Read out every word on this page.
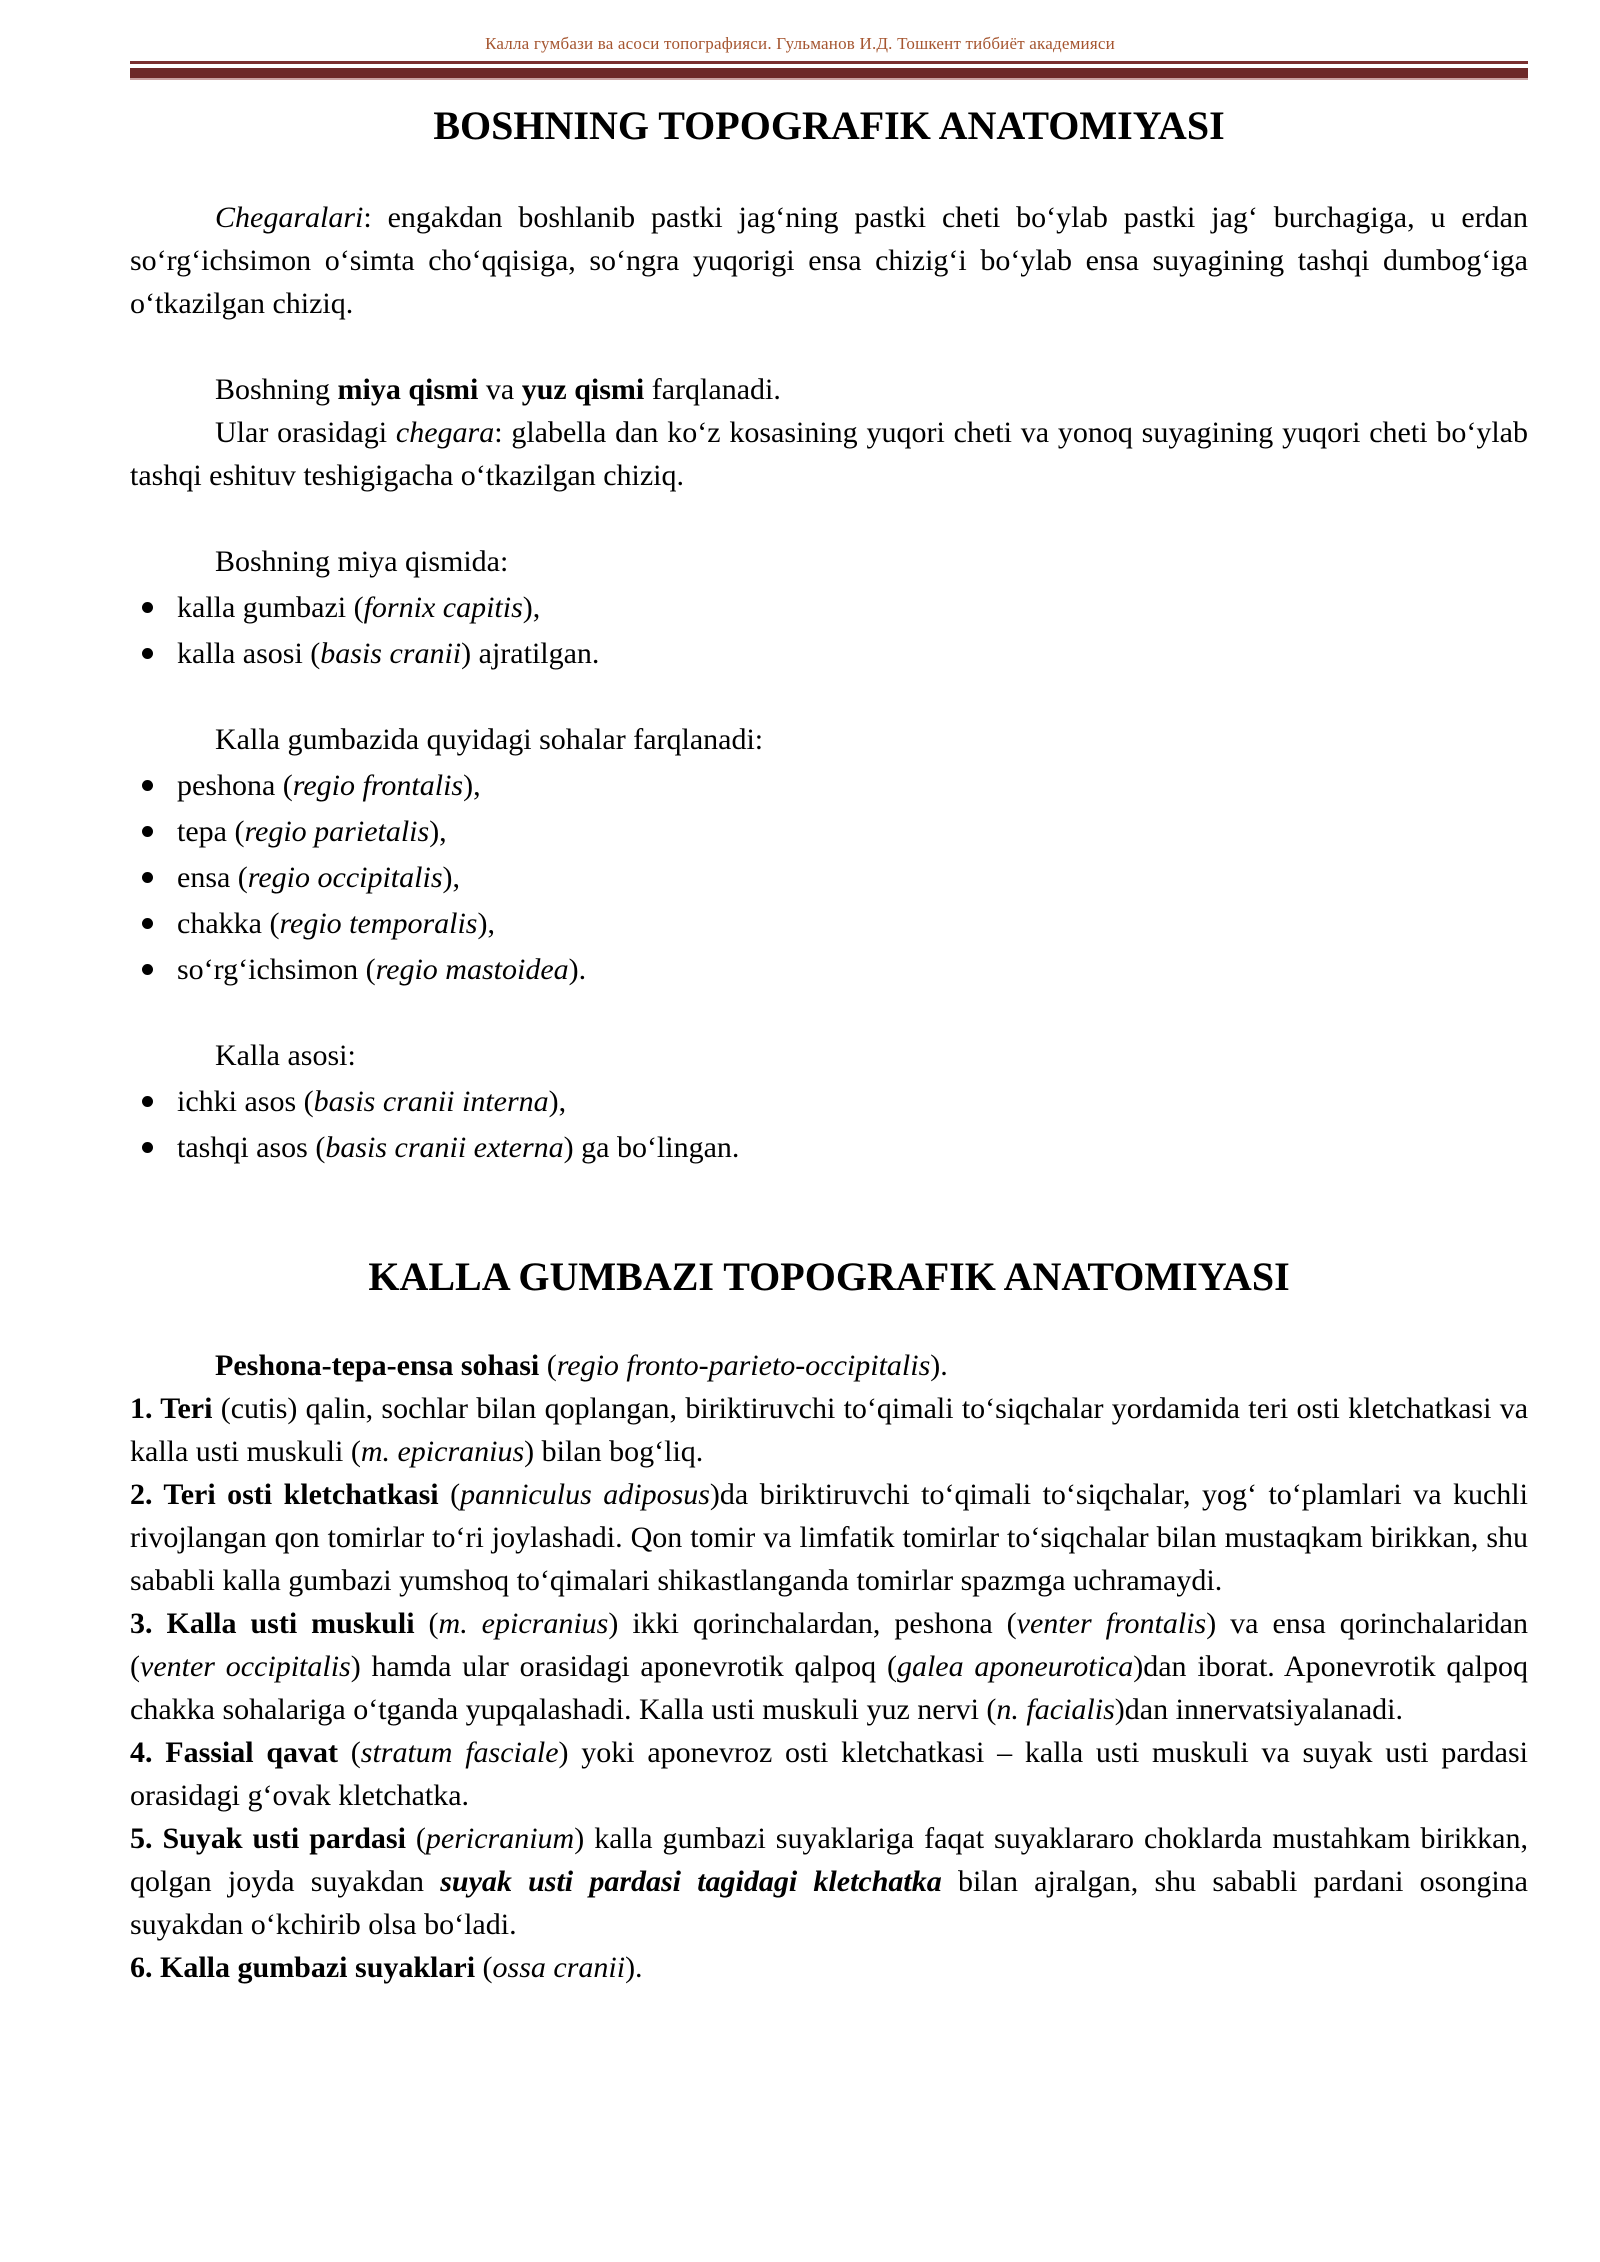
Калла гумбази ва асоси топографияси. Гульманов И.Д. Тошкент тиббиёт академияси
BOSHNING TOPOGRAFIK ANATOMIYASI
Chegaralari: engakdan boshlanib pastki jag‘ning pastki cheti bo‘ylab pastki jag‘ burchagiga, u erdan so‘rg‘ichsimon o‘simta cho‘qqisiga, so‘ngra yuqorigi ensa chizig‘i bo‘ylab ensa suyagining tashqi dumbog‘iga o‘tkazilgan chiziq.
Boshning miya qismi va yuz qismi farqlanadi.
Ular orasidagi chegara: glabella dan ko‘z kosasining yuqori cheti va yonoq suyagining yuqori cheti bo‘ylab tashqi eshituv teshigigacha o‘tkazilgan chiziq.
Boshning miya qismida:
kalla gumbazi (fornix capitis),
kalla asosi (basis cranii) ajratilgan.
Kalla gumbazida quyidagi sohalar farqlanadi:
peshona (regio frontalis),
tepa (regio parietalis),
ensa (regio occipitalis),
chakka (regio temporalis),
so‘rg‘ichsimon (regio mastoidea).
Kalla asosi:
ichki asos (basis cranii interna),
tashqi asos (basis cranii externa) ga bo‘lingan.
KALLA GUMBAZI TOPOGRAFIK ANATOMIYASI
Peshona-tepa-ensa sohasi (regio fronto-parieto-occipitalis).
1. Teri (cutis) qalin, sochlar bilan qoplangan, biriktiruvchi to‘qimali to‘siqchalar yordamida teri osti kletchatkasi va kalla usti muskuli (m. epicranius) bilan bog‘liq.
2. Teri osti kletchatkasi (panniculus adiposus)da biriktiruvchi to‘qimali to‘siqchalar, yog‘ to‘plamlari va kuchli rivojlangan qon tomirlar to‘ri joylashadi. Qon tomir va limfatik tomirlar to‘siqchalar bilan mustaqkam birikkan, shu sababli kalla gumbazi yumshoq to‘qimalari shikastlanganda tomirlar spazmga uchramaydi.
3. Kalla usti muskuli (m. epicranius) ikki qorinchalardan, peshona (venter frontalis) va ensa qorinchalaridan (venter occipitalis) hamda ular orasidagi aponevrotik qalpoq (galea aponeurotica)dan iborat. Aponevrotik qalpoq chakka sohalariga o‘tganda yupqalashadi. Kalla usti muskuli yuz nervi (n. facialis)dan innervatsiyalanadi.
4. Fassial qavat (stratum fasciale) yoki aponevroz osti kletchatkasi – kalla usti muskuli va suyak usti pardasi orasidagi g‘ovak kletchatka.
5. Suyak usti pardasi (pericranium) kalla gumbazi suyaklariga faqat suyaklararo choklarda mustahkam birikkan, qolgan joyda suyakdan suyak usti pardasi tagidagi kletchatka bilan ajralgan, shu sababli pardani osongina suyakdan o‘kchirib olsa bo‘ladi.
6. Kalla gumbazi suyaklari (ossa cranii).
